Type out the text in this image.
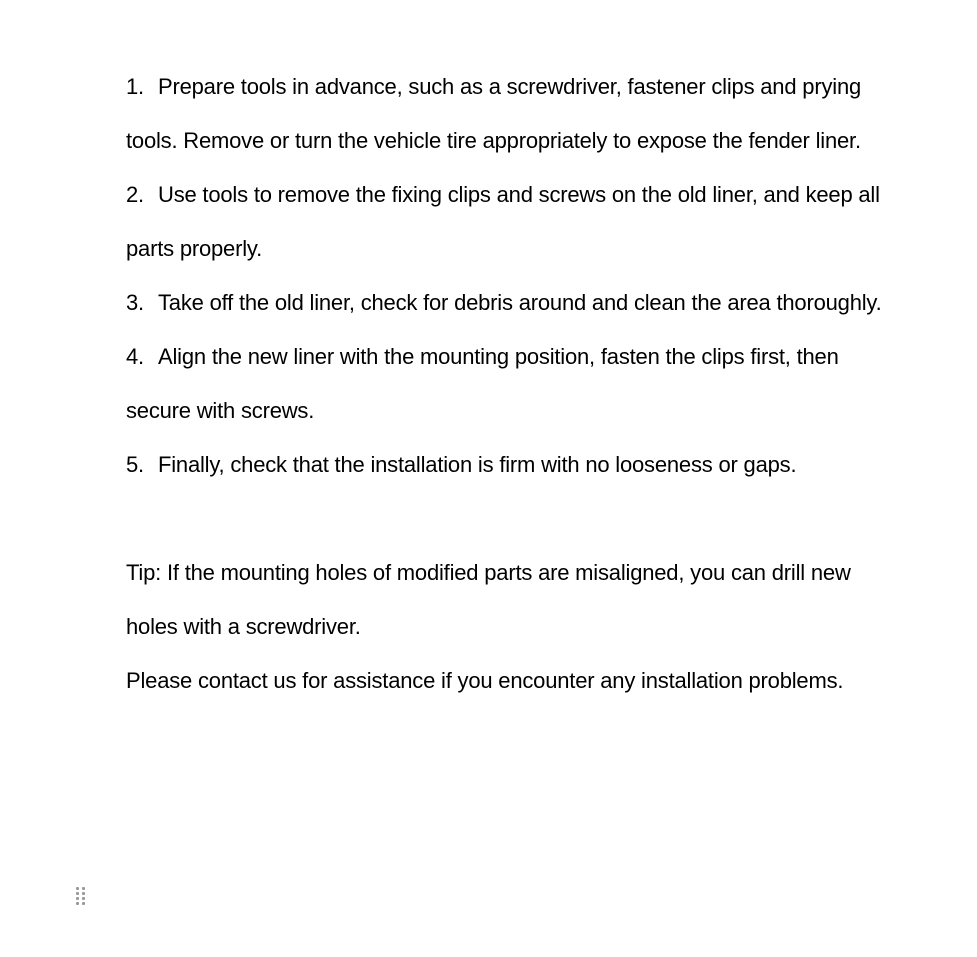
1. Prepare tools in advance, such as a screwdriver, fastener clips and prying tools. Remove or turn the vehicle tire appropriately to expose the fender liner.

2. Use tools to remove the fixing clips and screws on the old liner, and keep all parts properly.

3. Take off the old liner, check for debris around and clean the area thoroughly.

4. Align the new liner with the mounting position, fasten the clips first, then secure with screws.

5. Finally, check that the installation is firm with no looseness or gaps.

Tip: If the mounting holes of modified parts are misaligned, you can drill new holes with a screwdriver.

Please contact us for assistance if you encounter any installation problems.
